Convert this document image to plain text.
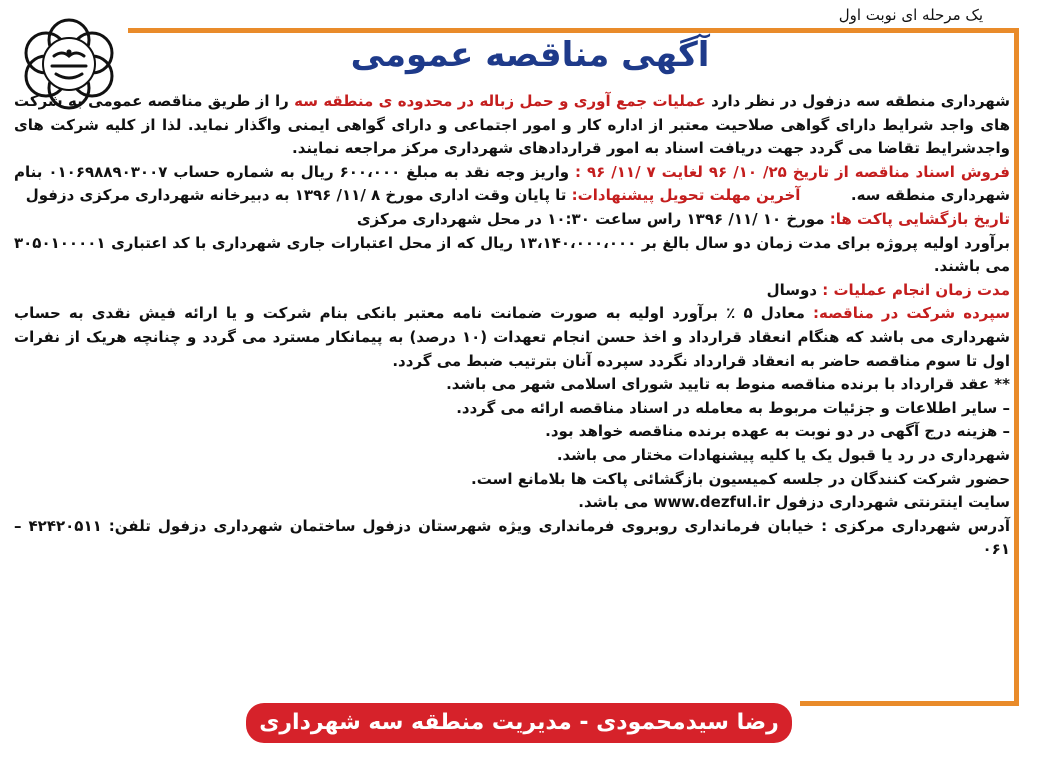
یک مرحله ای نوبت اول
آگهی مناقصه عمومی

شهرداری منطقه سه دزفول در نظر دارد عملیات جمع آوری و حمل زباله در محدوده ی منطقه سه را از طریق مناقصه عمومی به شرکت های واجد شرایط دارای گواهی صلاحیت معتبر از اداره کار و امور اجتماعی و دارای گواهی ایمنی واگذار نماید. لذا از کلیه شرکت های واجدشرایط تقاضا می گردد جهت دریافت اسناد به امور قراردادهای شهرداری مرکز مراجعه نمایند.

فروش اسناد مناقصه از تاریخ ۲۵/ ۱۰/ ۹۶ لغایت ۷ /۱۱/ ۹۶ : واریز وجه نقد به مبلغ ۶۰۰،۰۰۰ ریال به شماره حساب ۰۱۰۶۹۸۸۹۰۳۰۰۷ بنام شهرداری منطقه سه.  آخرین مهلت تحویل پیشنهادات: تا پایان وقت اداری مورخ ۸ /۱۱/ ۱۳۹۶ به دبیرخانه شهرداری مرکزی دزفول

تاریخ بازگشایی پاکت ها: مورخ ۱۰ /۱۱/ ۱۳۹۶ راس ساعت ۱۰:۳۰ در محل شهرداری مرکزی

برآورد اولیه پروژه برای مدت زمان دو سال بالغ بر ۱۳،۱۴۰،۰۰۰،۰۰۰ ریال که از محل اعتبارات جاری شهرداری با کد اعتباری ۳۰۵۰۱۰۰۰۰۱ می باشند.

مدت زمان انجام عملیات : دوسال

سپرده شرکت در مناقصه: معادل ۵ ٪ برآورد اولیه به صورت ضمانت نامه معتبر بانکی بنام شرکت و یا ارائه فیش نقدی به حساب شهرداری می باشد که هنگام انعقاد قرارداد و اخذ حسن انجام تعهدات (۱۰ درصد) به پیمانکار مسترد می گردد و چنانچه هریک از نفرات اول تا سوم مناقصه حاضر به انعقاد قرارداد نگردد سپرده آنان بترتیب ضبط می گردد.

** عقد قرارداد با برنده مناقصه منوط به تایید شورای اسلامی شهر می باشد.

– سایر اطلاعات و جزئیات مربوط به معامله در اسناد مناقصه ارائه می گردد.

– هزینه درج آگهی در دو نوبت به عهده برنده مناقصه خواهد بود.

شهرداری در رد یا قبول یک یا کلیه پیشنهادات مختار می باشد.

حضور شرکت کنندگان در جلسه کمیسیون بازگشائی پاکت ها بلامانع است.

سایت اینترنتی شهرداری دزفول www.dezful.ir می باشد.

آدرس شهرداری مرکزی : خیابان فرمانداری روبروی فرمانداری ویژه شهرستان دزفول ساختمان شهرداری دزفول تلفن: ۴۲۴۲۰۵۱۱ – ۰۶۱

رضا سیدمحمودی - مدیریت منطقه سه شهرداری دزفول
